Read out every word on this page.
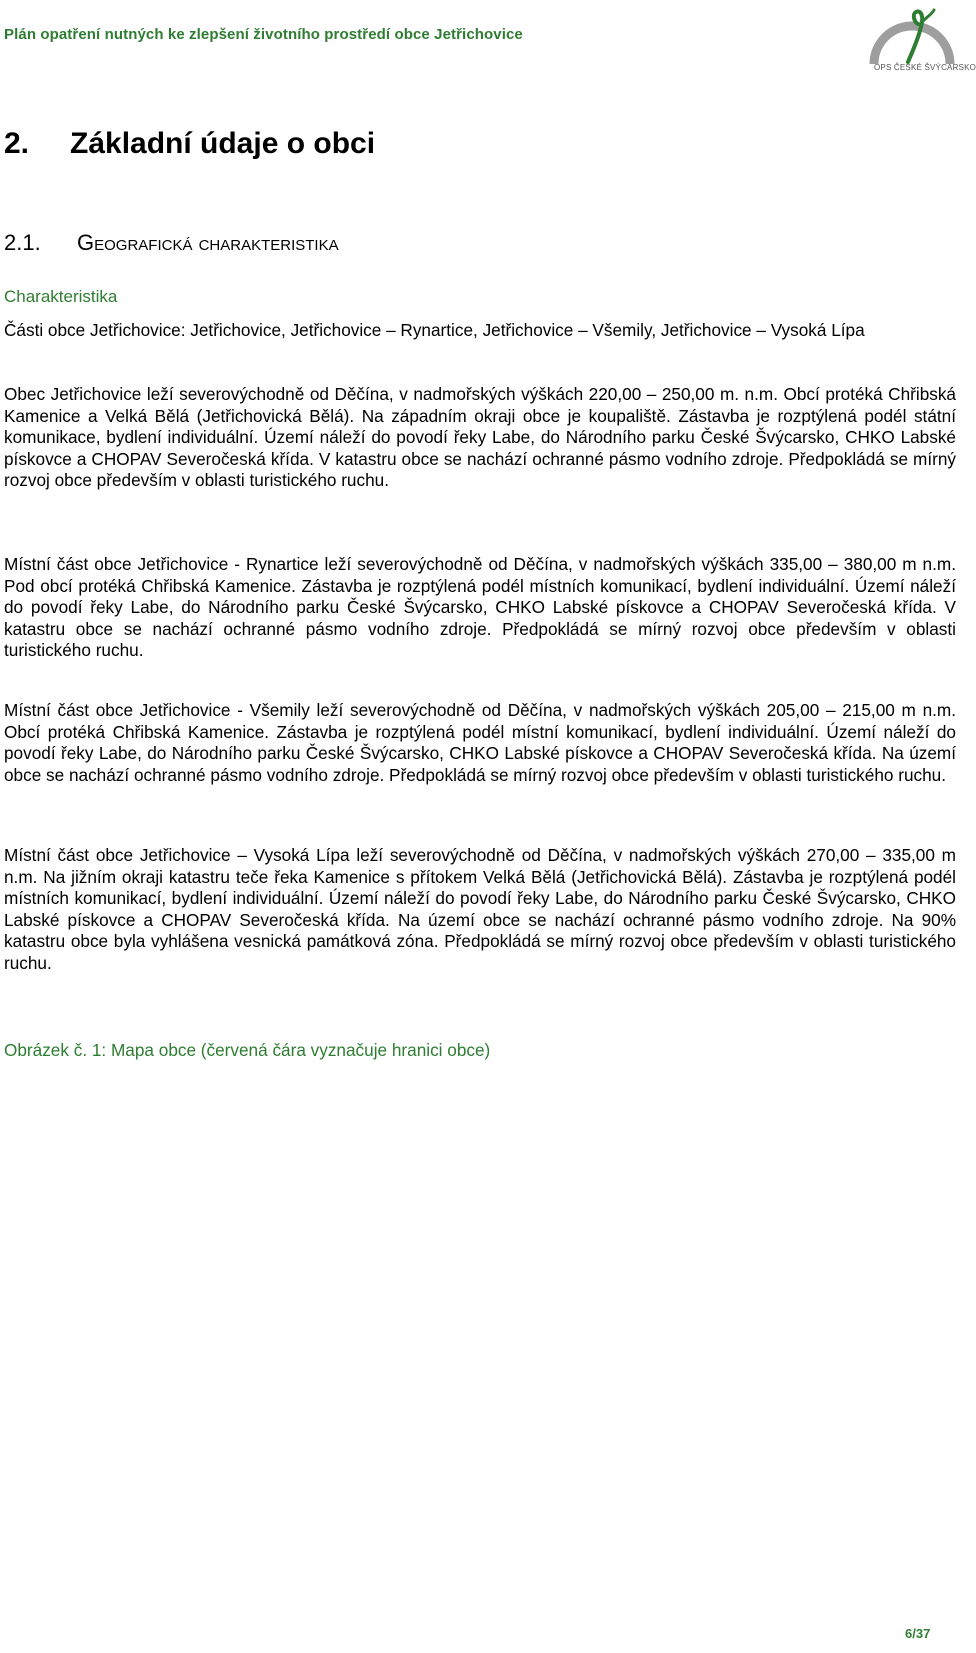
Plán opatření nutných ke zlepšení životního prostředí obce Jetřichovice
OPS ČESKÉ ŠVÝCARSKO
2. Základní údaje o obci
2.1. Geografická charakteristika
Charakteristika

Části obce Jetřichovice: Jetřichovice, Jetřichovice – Rynartice, Jetřichovice – Všemily, Jetřichovice – Vysoká Lípa

Obec Jetřichovice leží severovýchodně od Děčína, v nadmořských výškách 220,00 – 250,00 m. n.m. Obcí protéká Chřibská Kamenice a Velká Bělá (Jetřichovická Bělá). Na západním okraji obce je koupaliště. Zástavba je rozptýlená podél státní komunikace, bydlení individuální. Území náleží do povodí řeky Labe, do Národního parku České Švýcarsko, CHKO Labské pískovce a CHOPAV Severočeská křída. V katastru obce se nachází ochranné pásmo vodního zdroje. Předpokládá se mírný rozvoj obce především v oblasti turistického ruchu.

Místní část obce Jetřichovice - Rynartice leží severovýchodně od Děčína, v nadmořských výškách 335,00 – 380,00 m n.m. Pod obcí protéká Chřibská Kamenice. Zástavba je rozptýlená podél místních komunikací, bydlení individuální. Území náleží do povodí řeky Labe, do Národního parku České Švýcarsko, CHKO Labské pískovce a CHOPAV Severočeská křída. V katastru obce se nachází ochranné pásmo vodního zdroje. Předpokládá se mírný rozvoj obce především v oblasti turistického ruchu.

Místní část obce Jetřichovice - Všemily leží severovýchodně od Děčína, v nadmořských výškách 205,00 – 215,00 m n.m. Obcí protéká Chřibská Kamenice. Zástavba je rozptýlená podél místní komunikací, bydlení individuální. Území náleží do povodí řeky Labe, do Národního parku České Švýcarsko, CHKO Labské pískovce a CHOPAV Severočeská křída. Na území obce se nachází ochranné pásmo vodního zdroje. Předpokládá se mírný rozvoj obce především v oblasti turistického ruchu.

Místní část obce Jetřichovice – Vysoká Lípa leží severovýchodně od Děčína, v nadmořských výškách 270,00 – 335,00 m n.m. Na jižním okraji katastru teče řeka Kamenice s přítokem Velká Bělá (Jetřichovická Bělá). Zástavba je rozptýlená podél místních komunikací, bydlení individuální. Území náleží do povodí řeky Labe, do Národního parku České Švýcarsko, CHKO Labské pískovce a CHOPAV Severočeská křída. Na území obce se nachází ochranné pásmo vodního zdroje. Na 90% katastru obce byla vyhlášena vesnická památková zóna. Předpokládá se mírný rozvoj obce především v oblasti turistického ruchu.

Obrázek č. 1: Mapa obce (červená čára vyznačuje hranici obce)
6/37
